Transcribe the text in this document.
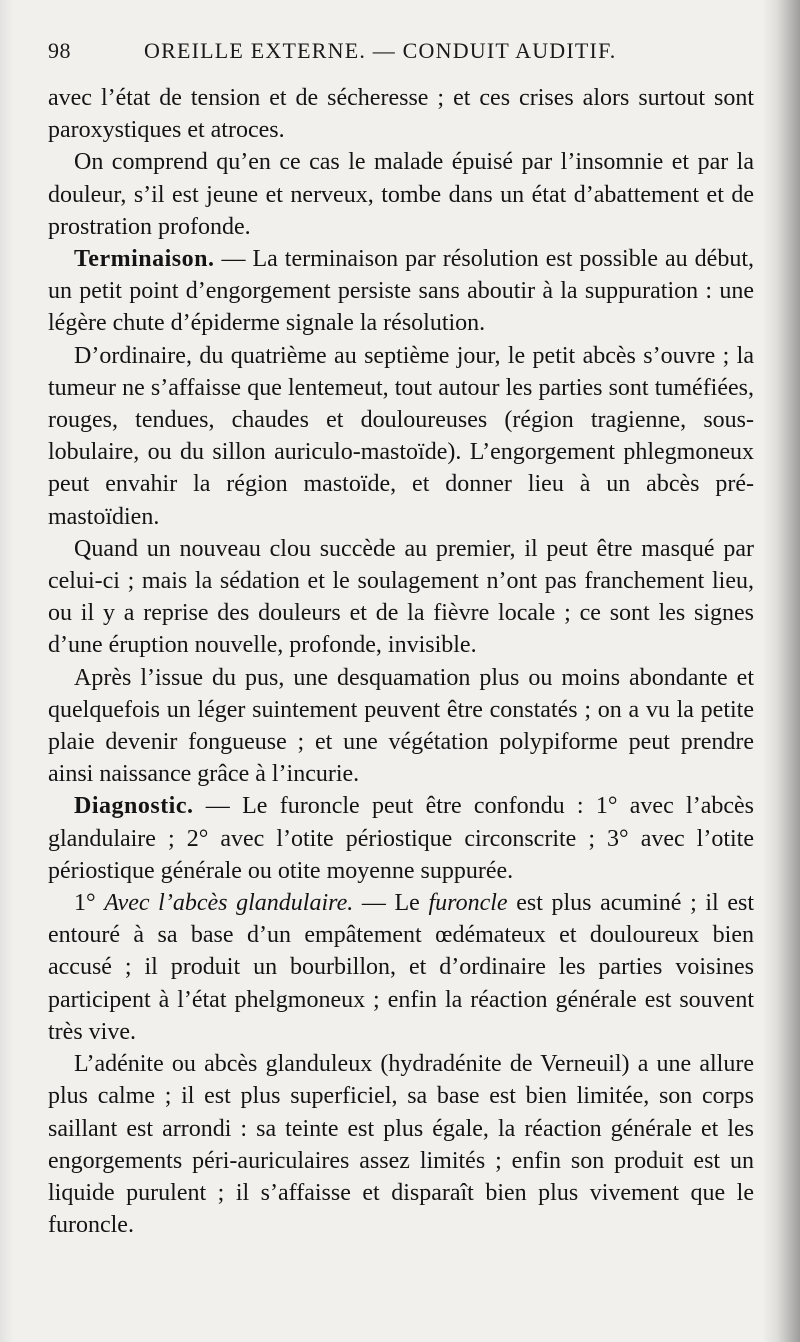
98	OREILLE EXTERNE. — CONDUIT AUDITIF.

avec l’état de tension et de sécheresse ; et ces crises alors surtout sont paroxystiques et atroces.

On comprend qu’en ce cas le malade épuisé par l’insomnie et par la douleur, s’il est jeune et nerveux, tombe dans un état d’abattement et de prostration profonde.

Terminaison. — La terminaison par résolution est possible au début, un petit point d’engorgement persiste sans aboutir à la suppuration : une légère chute d’épiderme signale la résolution.

D’ordinaire, du quatrième au septième jour, le petit abcès s’ouvre ; la tumeur ne s’affaisse que lentemeut, tout autour les parties sont tuméfiées, rouges, tendues, chaudes et douloureuses (région tragienne, sous-lobulaire, ou du sillon auriculo-mastoïde). L’engorgement phlegmoneux peut envahir la région mastoïde, et donner lieu à un abcès pré-mastoïdien.

Quand un nouveau clou succède au premier, il peut être masqué par celui-ci ; mais la sédation et le soulagement n’ont pas franchement lieu, ou il y a reprise des douleurs et de la fièvre locale ; ce sont les signes d’une éruption nouvelle, profonde, invisible.

Après l’issue du pus, une desquamation plus ou moins abondante et quelquefois un léger suintement peuvent être constatés ; on a vu la petite plaie devenir fongueuse ; et une végétation polypiforme peut prendre ainsi naissance grâce à l’incurie.

Diagnostic. — Le furoncle peut être confondu : 1° avec l’abcès glandulaire ; 2° avec l’otite périostique circonscrite ; 3° avec l’otite périostique générale ou otite moyenne suppurée.

1° Avec l’abcès glandulaire. — Le furoncle est plus acuminé ; il est entouré à sa base d’un empâtement œdémateux et douloureux bien accusé ; il produit un bourbillon, et d’ordinaire les parties voisines participent à l’état phelgmoneux ; enfin la réaction générale est souvent très vive.

L’adénite ou abcès glanduleux (hydradénite de Verneuil) a une allure plus calme ; il est plus superficiel, sa base est bien limitée, son corps saillant est arrondi : sa teinte est plus égale, la réaction générale et les engorgements péri-auriculaires assez limités ; enfin son produit est un liquide purulent ; il s’affaisse et disparaît bien plus vivement que le furoncle.
